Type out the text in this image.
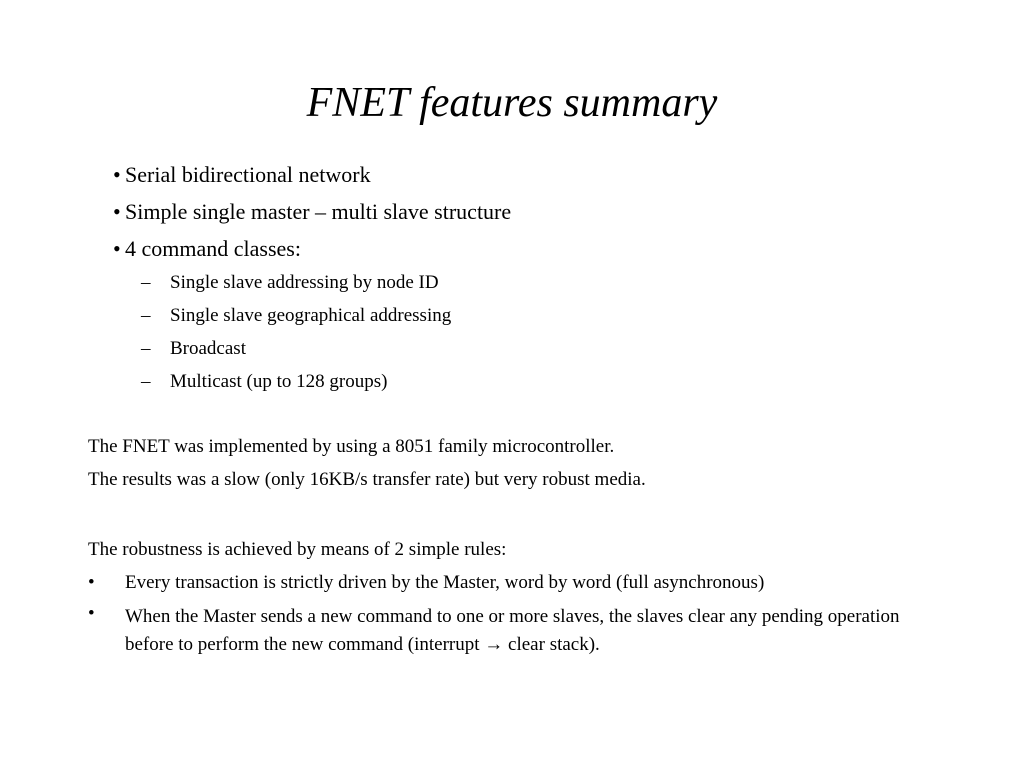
FNET features summary
• Serial bidirectional network
• Simple single master – multi slave structure
• 4 command classes:
– Single slave addressing by node ID
– Single slave geographical addressing
– Broadcast
– Multicast (up to 128 groups)
The FNET was implemented by using a 8051 family microcontroller.
The results was a slow (only 16KB/s transfer rate) but very robust media.
The robustness is achieved by means of 2 simple rules:
• Every transaction is strictly driven by the Master, word by word (full asynchronous)
• When the Master sends a new command to one or more slaves, the slaves clear any pending operation before to perform the new command (interrupt → clear stack).
